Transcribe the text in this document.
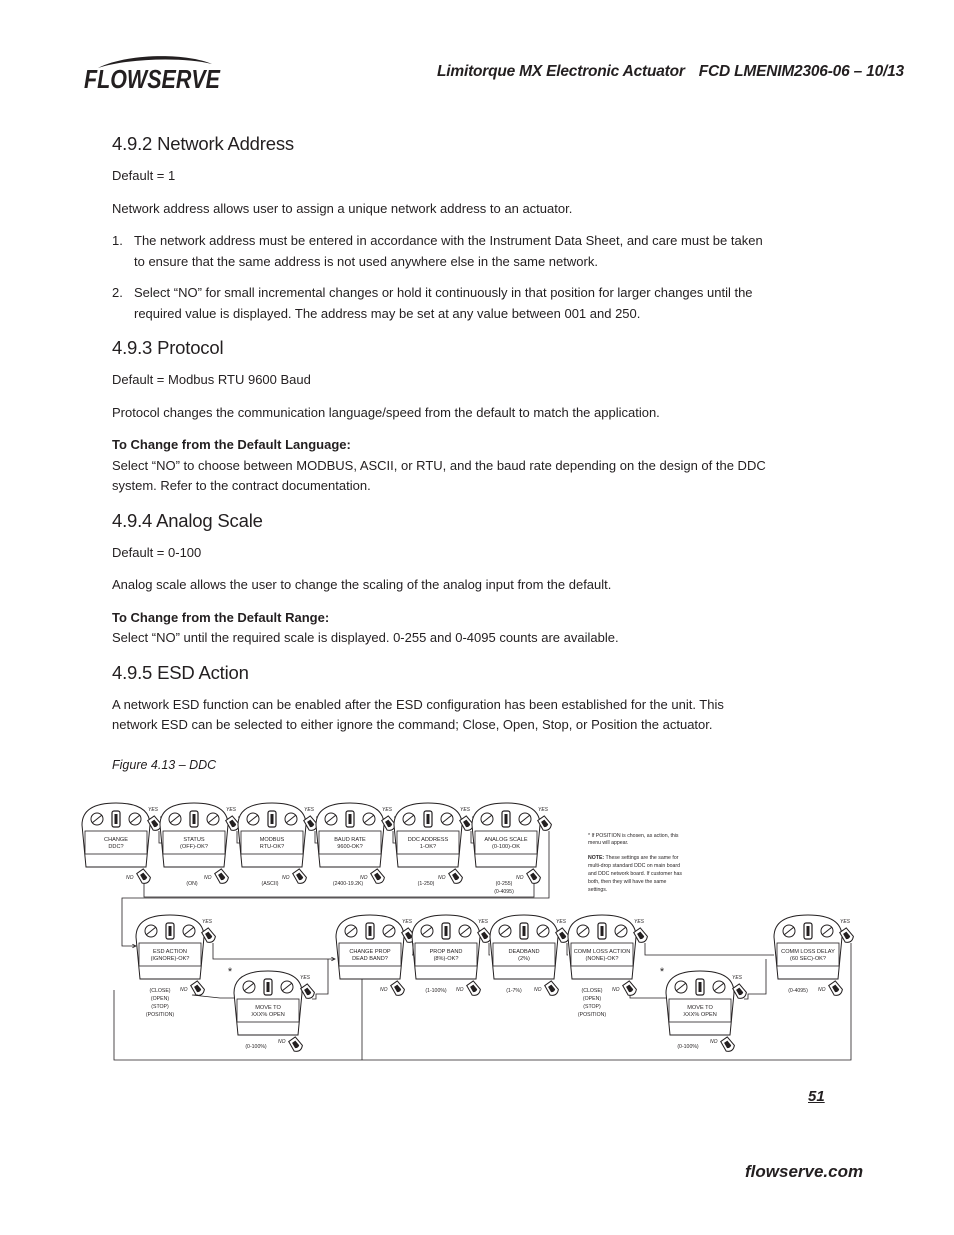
FLOWSERVE	Limitorque MX Electronic Actuator FCD LMENIM2306-06 – 10/13
4.9.2 Network Address

Default = 1

Network address allows user to assign a unique network address to an actuator.

1. The network address must be entered in accordance with the Instrument Data Sheet, and care must be taken to ensure that the same address is not used anywhere else in the same network.
2. Select “NO” for small incremental changes or hold it continuously in that position for larger changes until the required value is displayed. The address may be set at any value between 001 and 250.
4.9.3 Protocol

Default = Modbus RTU 9600 Baud

Protocol changes the communication language/speed from the default to match the application.

To Change from the Default Language:

Select “NO” to choose between MODBUS, ASCII, or RTU, and the baud rate depending on the design of the DDC system. Refer to the contract documentation.

4.9.4 Analog Scale

Default = 0-100

Analog scale allows the user to change the scaling of the analog input from the default.

To Change from the Default Range:

Select “NO” until the required scale is displayed. 0-255 and 0-4095 counts are available.

4.9.5 ESD Action

A network ESD function can be enabled after the ESD configuration has been established for the unit. This network ESD can be selected to either ignore the command; Close, Open, Stop, or Position the actuator.

Figure 4.13 – DDC
CHANGE
DDC?
YES
NO
STATUS
(OFF)-OK?
YES
NO
(ON)
MODBUS
RTU-OK?
YES
NO
(ASCII)
BAUD RATE
9600-OK?
YES
NO
(2400-19.2K)
DDC ADDRESS
1-OK?
YES
NO
(1-250)
ANALOG SCALE
(0-100)-OK
YES
NO
(0-255)
(0-4095)
* If POSITION is chosen, as action, this
menu will appear.
NOTE: These settings are the same for
multi-drop standard DDC on main board
and DDC network board. If customer has
both, then they will have the same
settings.
ESD ACTION
(IGNORE)-OK?
YES
NO
(CLOSE)
(OPEN)
(STOP)
(POSITION)
CHANGE PROP
DEAD BAND?
YES
NO
PROP BAND
(8%)-OK?
YES
NO
(1-100%)
DEADBAND
(2%)
YES
NO
(1-7%)
COMM LOSS ACTION
(NONE)-OK?
YES
NO
(CLOSE)
(OPEN)
(STOP)
(POSITION)
COMM LOSS DELAY
(60 SEC)-OK?
YES
NO
(0-4095)
*
MOVE TO
XXX% OPEN
YES
NO
(0-100%)
*
MOVE TO
XXX% OPEN
YES
NO
(0-100%)
51
flowserve.com
